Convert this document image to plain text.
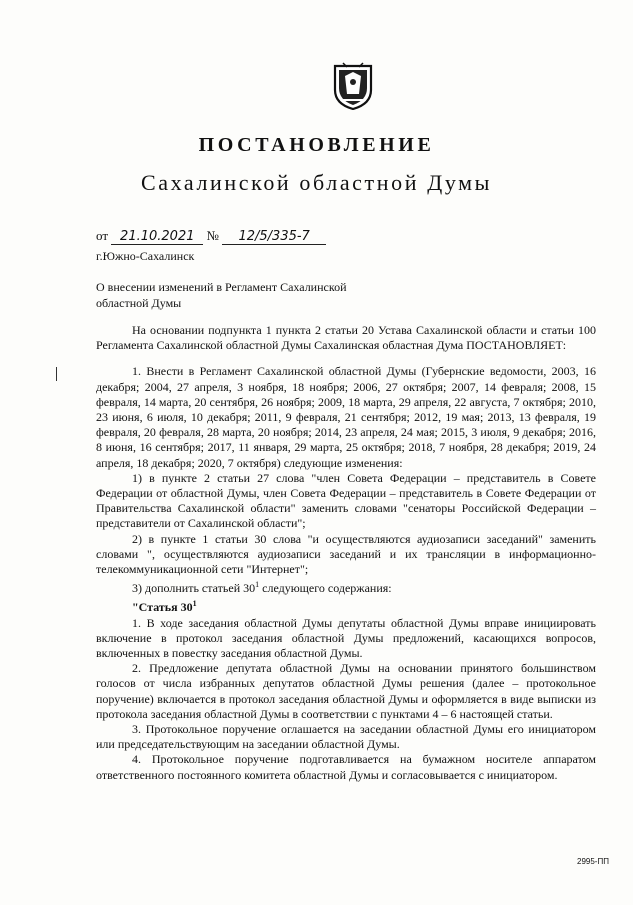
ПОСТАНОВЛЕНИЕ
Сахалинской областной Думы
от 21.10.2021 № 12/5/335-7
г.Южно-Сахалинск
О внесении изменений в Регламент Сахалинской областной Думы

На основании подпункта 1 пункта 2 статьи 20 Устава Сахалинской области и статьи 100 Регламента Сахалинской областной Думы Сахалинская областная Дума ПОСТАНОВЛЯЕТ:

1. Внести в Регламент Сахалинской областной Думы (Губернские ведомости, 2003, 16 декабря; 2004, 27 апреля, 3 ноября, 18 ноября; 2006, 27 октября; 2007, 14 февраля; 2008, 15 февраля, 14 марта, 20 сентября, 26 ноября; 2009, 18 марта, 29 апреля, 22 августа, 7 октября; 2010, 23 июня, 6 июля, 10 декабря; 2011, 9 февраля, 21 сентября; 2012, 19 мая; 2013, 13 февраля, 19 февраля, 20 февраля, 28 марта, 20 ноября; 2014, 23 апреля, 24 мая; 2015, 3 июля, 9 декабря; 2016, 8 июня, 16 сентября; 2017, 11 января, 29 марта, 25 октября; 2018, 7 ноября, 28 декабря; 2019, 24 апреля, 18 декабря; 2020, 7 октября) следующие изменения:

1) в пункте 2 статьи 27 слова "член Совета Федерации – представитель в Совете Федерации от областной Думы, член Совета Федерации – представитель в Совете Федерации от Правительства Сахалинской области" заменить словами "сенаторы Российской Федерации – представители от Сахалинской области";

2) в пункте 1 статьи 30 слова "и осуществляются аудиозаписи заседаний" заменить словами ", осуществляются аудиозаписи заседаний и их трансляции в информационно-телекоммуникационной сети "Интернет";

3) дополнить статьей $30^1$ следующего содержания:

"Статья $30^1$

1. В ходе заседания областной Думы депутаты областной Думы вправе инициировать включение в протокол заседания областной Думы предложений, касающихся вопросов, включенных в повестку заседания областной Думы.

2. Предложение депутата областной Думы на основании принятого большинством голосов от числа избранных депутатов областной Думы решения (далее – протокольное поручение) включается в протокол заседания областной Думы и оформляется в виде выписки из протокола заседания областной Думы в соответствии с пунктами 4 – 6 настоящей статьи.

3. Протокольное поручение оглашается на заседании областной Думы его инициатором или председательствующим на заседании областной Думы.

4. Протокольное поручение подготавливается на бумажном носителе аппаратом ответственного постоянного комитета областной Думы и согласовывается с инициатором.

2995-ПП
